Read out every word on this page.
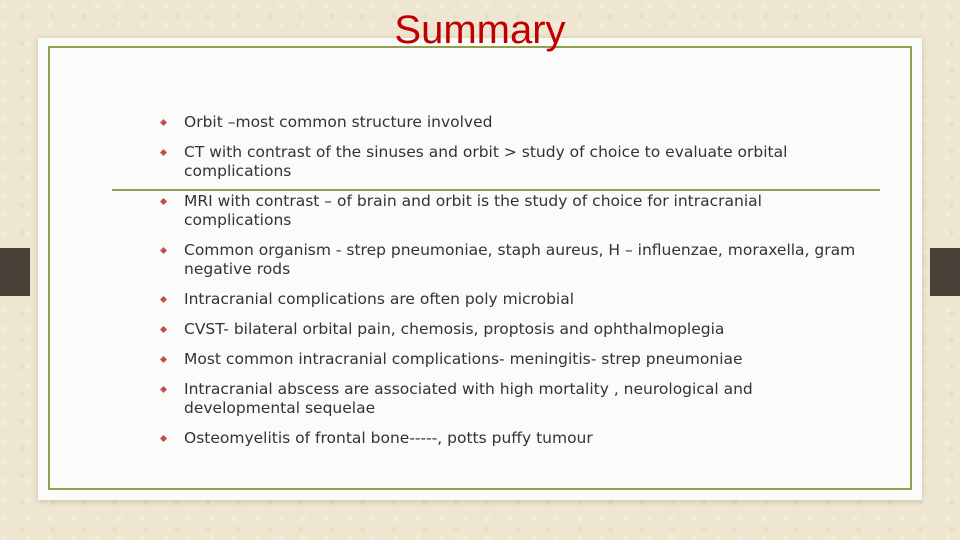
Summary
Orbit –most common structure involved
CT with contrast of the sinuses and orbit > study of choice to evaluate orbital complications
MRI with contrast – of brain and orbit is the study of choice for intracranial complications
Common organism - strep pneumoniae, staph aureus, H – influenzae, moraxella, gram negative rods
Intracranial complications are often poly microbial
CVST- bilateral orbital pain, chemosis, proptosis and ophthalmoplegia
Most common intracranial complications- meningitis- strep pneumoniae
Intracranial abscess are associated with high mortality , neurological and developmental sequelae
Osteomyelitis of frontal bone-----, potts puffy tumour
